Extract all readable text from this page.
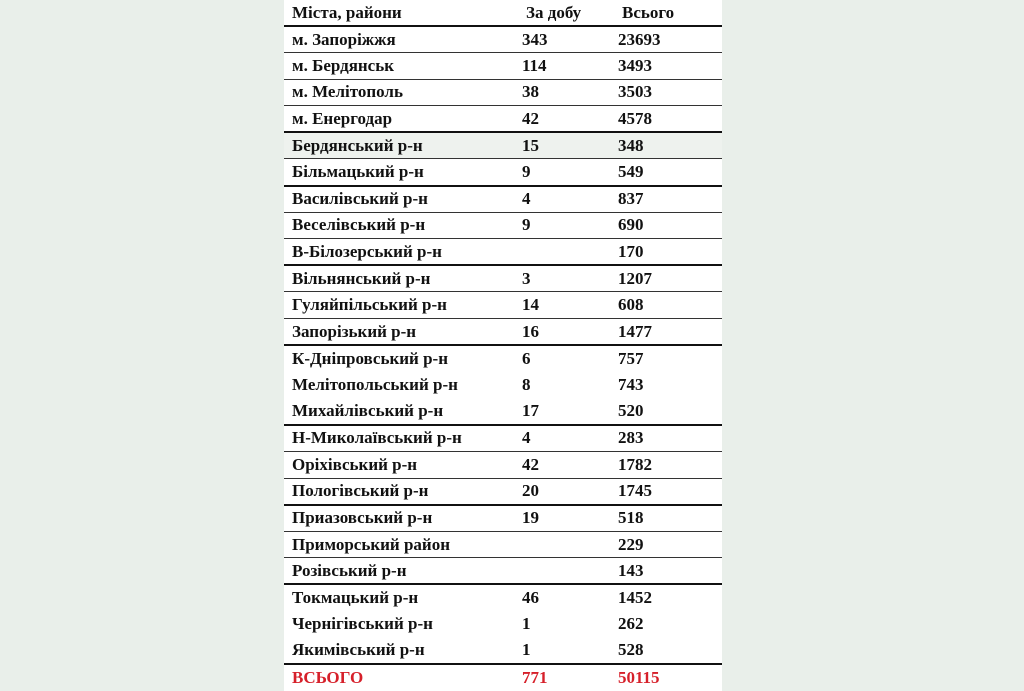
Міста, райони	За добу	Всього
м. Запоріжжя	343	23693
м. Бердянськ	114	3493
м. Мелітополь	38	3503
м. Енергодар	42	4578
Бердянський р-н	15	348
Більмацький р-н	9	549
Василівський р-н	4	837
Веселівський р-н	9	690
В-Білозерський р-н		170
Вільнянський р-н	3	1207
Гуляйпільський р-н	14	608
Запорізький р-н	16	1477
К-Дніпровський р-н	6	757
Мелітопольський р-н	8	743
Михайлівський р-н	17	520
Н-Миколаївський р-н	4	283
Оріхівський р-н	42	1782
Пологівський р-н	20	1745
Приазовський р-н	19	518
Приморський район		229
Розівський р-н		143
Токмацький р-н	46	1452
Чернігівський р-н	1	262
Якимівський р-н	1	528
ВСЬОГО	771	50115
